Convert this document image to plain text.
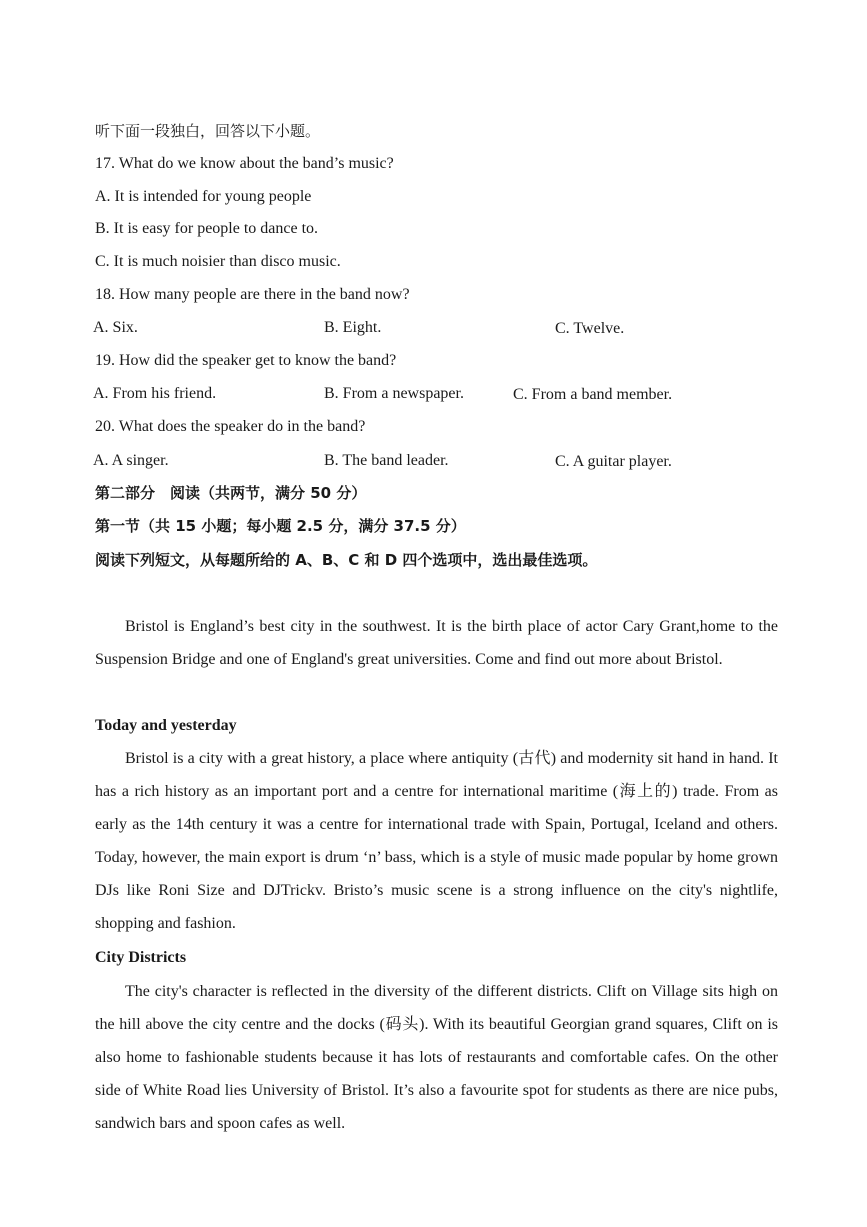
听下面一段独白，回答以下小题。
17. What do we know about the band’s music?
A. It is intended for young people
B. It is easy for people to dance to.
C. It is much noisier than disco music.
18. How many people are there in the band now?
A. Six.	B. Eight.	C. Twelve.
19. How did the speaker get to know the band?
A. From his friend.	B. From a newspaper.	C. From a band member.
20. What does the speaker do in the band?
A. A singer.	B. The band leader.	C. A guitar player.
第二部分　阅读（共两节，满分 50 分）
第一节（共 15 小题；每小题 2.5 分，满分 37.5 分）
阅读下列短文，从每题所给的 A、B、C 和 D 四个选项中，选出最佳选项。
Bristol is England’s best city in the southwest. It is the birth place of actor Cary Grant,home to the Suspension Bridge and one of England's great universities. Come and find out more about Bristol.
Today and yesterday
Bristol is a city with a great history, a place where antiquity (古代) and modernity sit hand in hand. It has a rich history as an important port and a centre for international maritime (海上的) trade. From as early as the 14th century it was a centre for international trade with Spain, Portugal, Iceland and others. Today, however, the main export is drum ‘n’ bass, which is a style of music made popular by home grown DJs like Roni Size and DJTrickv. Bristo’s music scene is a strong influence on the city's nightlife, shopping and fashion.
City Districts
The city's character is reflected in the diversity of the different districts. Clift on Village sits high on the hill above the city centre and the docks (码头). With its beautiful Georgian grand squares, Clift on is also home to fashionable students because it has lots of restaurants and comfortable cafes. On the other side of White Road lies University of Bristol. It’s also a favourite spot for students as there are nice pubs, sandwich bars and spoon cafes as well.
